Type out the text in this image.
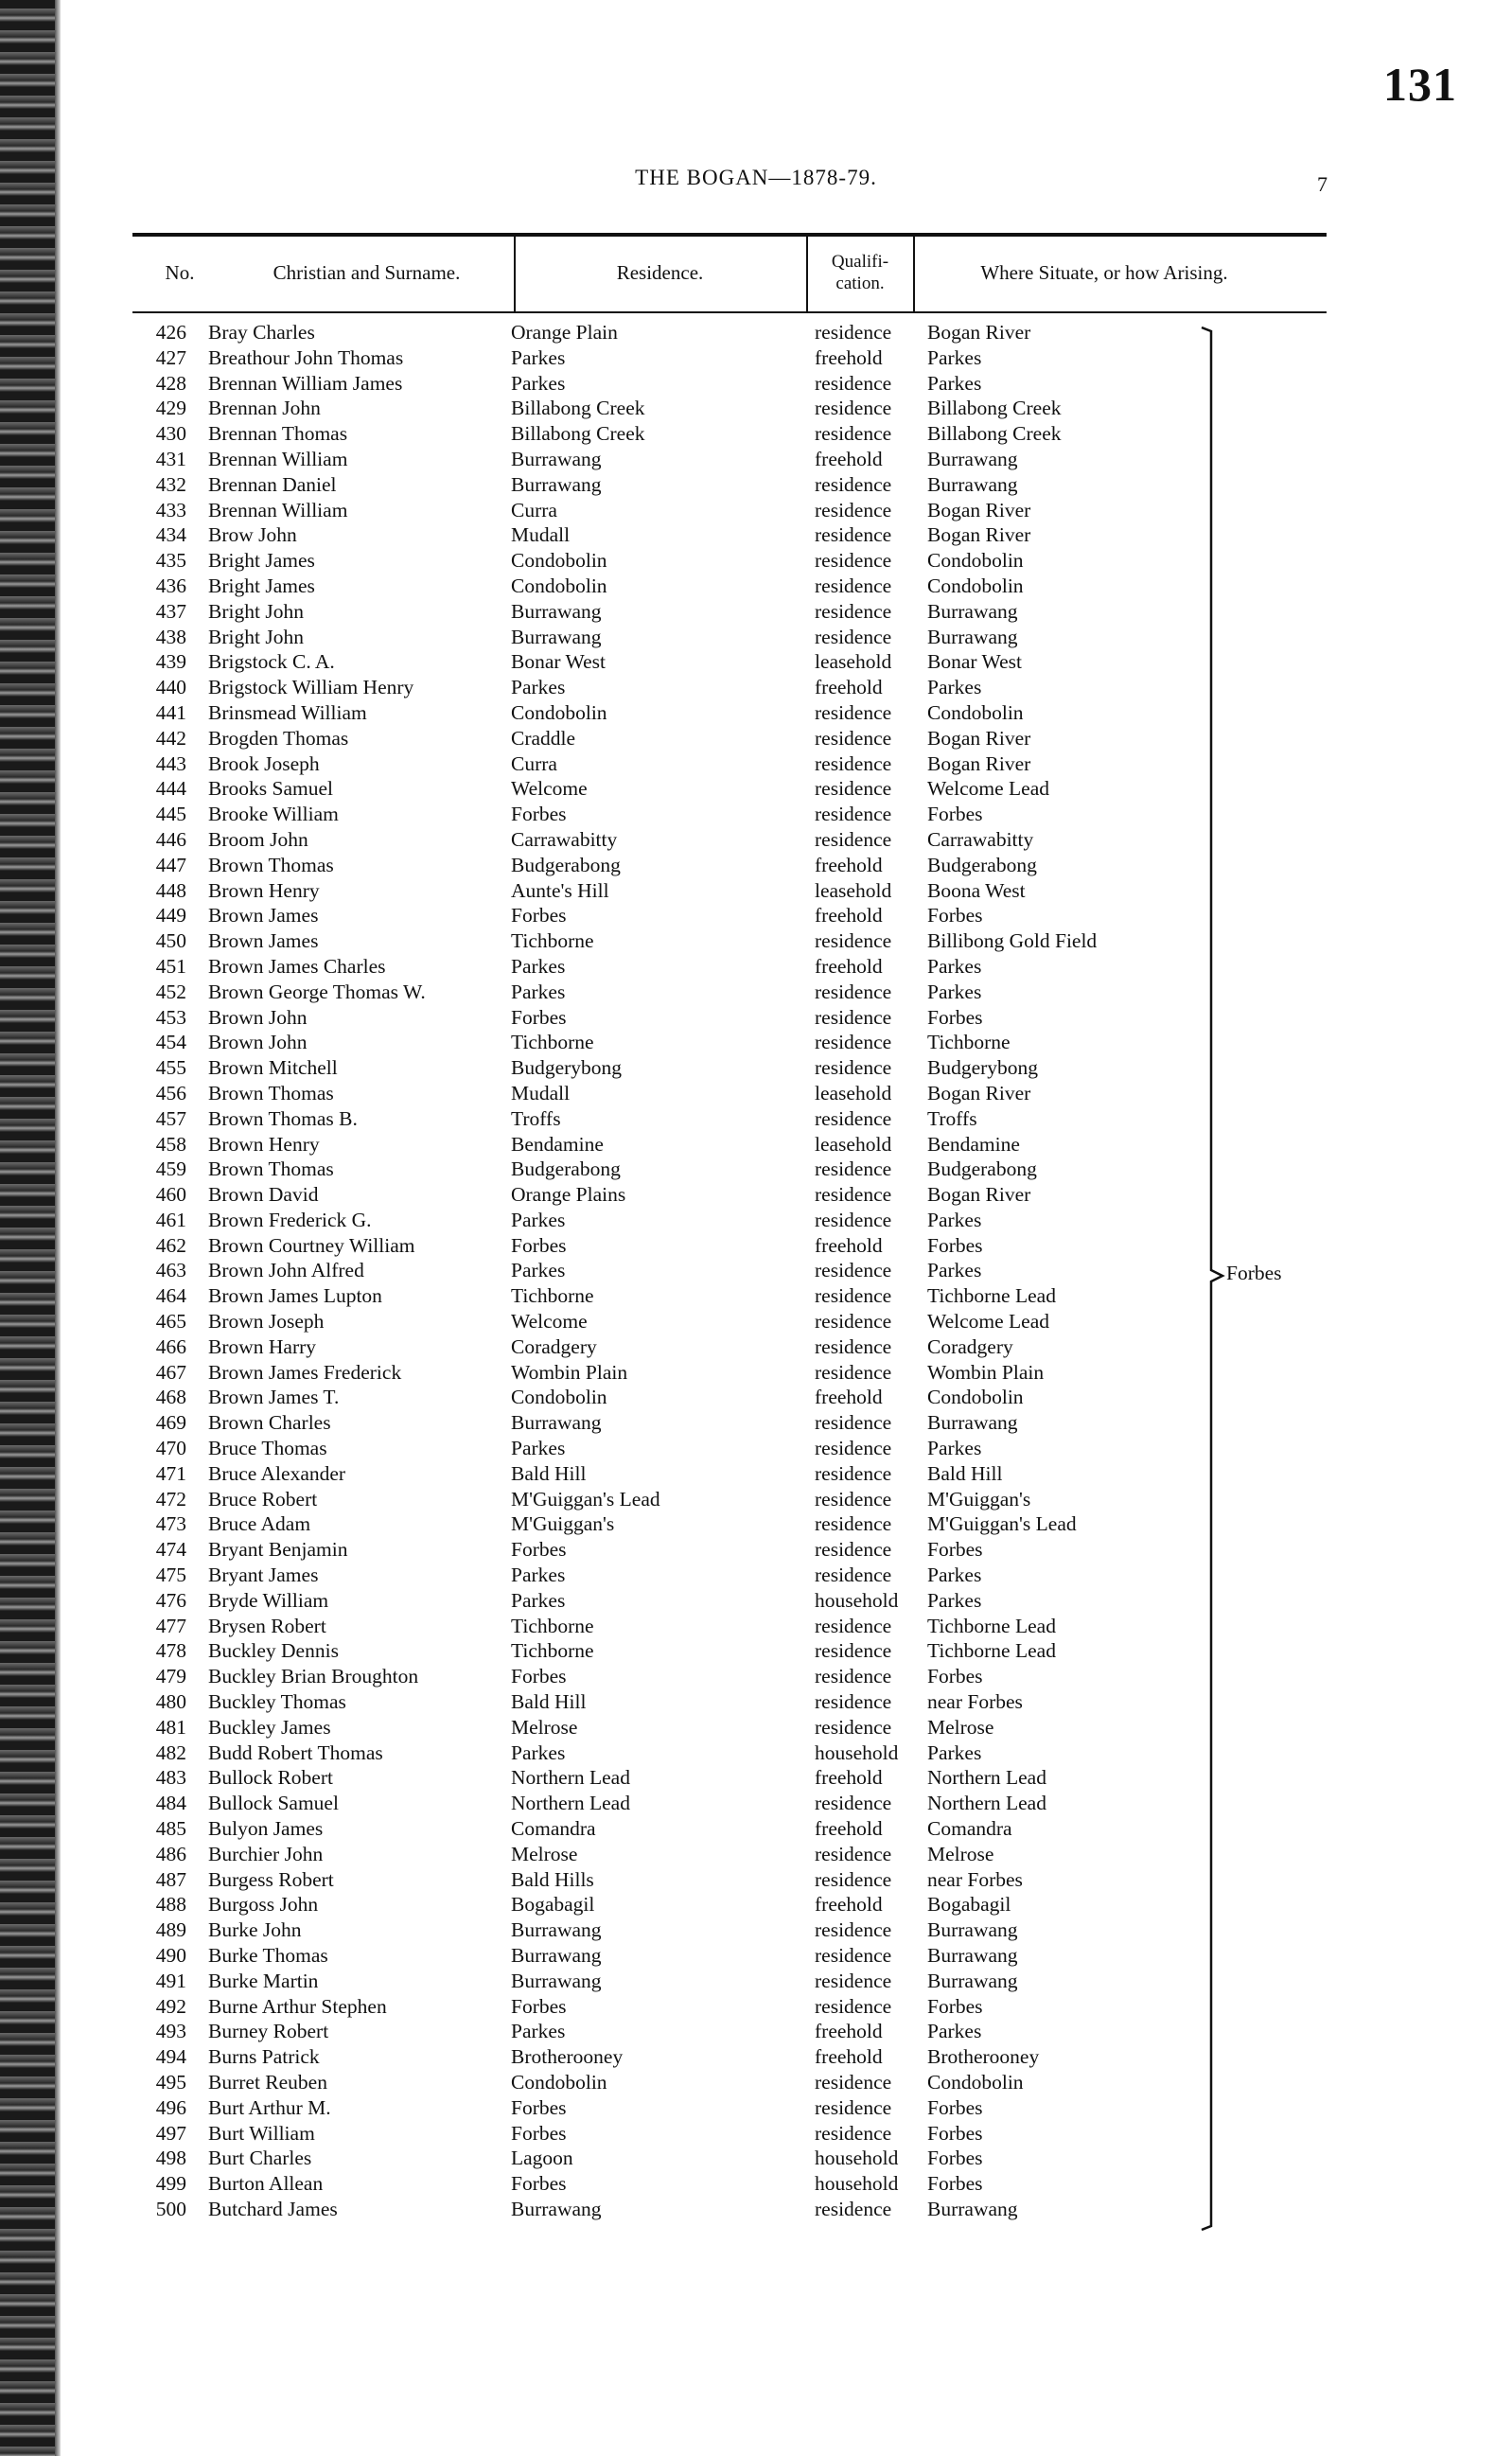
131
THE BOGAN—1878-79.	7
No.	Christian and Surname.	Residence.	Qualifi-
cation.	Where Situate, or how Arising.
426 Bray Charles	Orange Plain	residence Bogan River
427 Breathour John Thomas	Parkes	freehold Parkes
428 Brennan William James	Parkes	residence Parkes
429 Brennan John	Billabong Creek	residence Billabong Creek
430 Brennan Thomas	Billabong Creek	residence Billabong Creek
431 Brennan William	Burrawang	freehold Burrawang
432 Brennan Daniel	Burrawang	residence Burrawang
433 Brennan William	Curra	residence Bogan River
434 Brow John	Mudall	residence Bogan River
435 Bright James	Condobolin	residence Condobolin
436 Bright James	Condobolin	residence Condobolin
437 Bright John	Burrawang	residence Burrawang
438 Bright John	Burrawang	residence Burrawang
439 Brigstock C. A.	Bonar West	leasehold Bonar West
440 Brigstock William Henry	Parkes	freehold Parkes
441 Brinsmead William	Condobolin	residence Condobolin
442 Brogden Thomas	Craddle	residence Bogan River
443 Brook Joseph	Curra	residence Bogan River
444 Brooks Samuel	Welcome	residence Welcome Lead
445 Brooke William	Forbes	residence Forbes
446 Broom John	Carrawabitty	residence Carrawabitty
447 Brown Thomas	Budgerabong	freehold Budgerabong
448 Brown Henry	Aunte's Hill	leasehold Boona West
449 Brown James	Forbes	freehold Forbes
450 Brown James	Tichborne	residence Billibong Gold Field
451 Brown James Charles	Parkes	freehold Parkes
452 Brown George Thomas W.	Parkes	residence Parkes
453 Brown John	Forbes	residence Forbes
454 Brown John	Tichborne	residence Tichborne
455 Brown Mitchell	Budgerybong	residence Budgerybong
456 Brown Thomas	Mudall	leasehold Bogan River
457 Brown Thomas B.	Troffs	residence Troffs
458 Brown Henry	Bendamine	leasehold Bendamine
459 Brown Thomas	Budgerabong	residence Budgerabong
460 Brown David	Orange Plains	residence Bogan River
461 Brown Frederick G.	Parkes	residence Parkes
462 Brown Courtney William	Forbes	freehold Forbes
463 Brown John Alfred	Parkes	residence Parkes
464 Brown James Lupton	Tichborne	residence Tichborne Lead
465 Brown Joseph	Welcome	residence Welcome Lead
466 Brown Harry	Coradgery	residence Coradgery
467 Brown James Frederick	Wombin Plain	residence Wombin Plain
468 Brown James T.	Condobolin	freehold Condobolin
469 Brown Charles	Burrawang	residence Burrawang
470 Bruce Thomas	Parkes	residence Parkes
471 Bruce Alexander	Bald Hill	residence Bald Hill
472 Bruce Robert	M'Guiggan's Lead	residence M'Guiggan's
473 Bruce Adam	M'Guiggan's	residence M'Guiggan's Lead
474 Bryant Benjamin	Forbes	residence Forbes
475 Bryant James	Parkes	residence Parkes
476 Bryde William	Parkes	household Parkes
477 Brysen Robert	Tichborne	residence Tichborne Lead
478 Buckley Dennis	Tichborne	residence Tichborne Lead
479 Buckley Brian Broughton	Forbes	residence Forbes
480 Buckley Thomas	Bald Hill	residence near Forbes
481 Buckley James	Melrose	residence Melrose
482 Budd Robert Thomas	Parkes	household Parkes
483 Bullock Robert	Northern Lead	freehold Northern Lead
484 Bullock Samuel	Northern Lead	residence Northern Lead
485 Bulyon James	Comandra	freehold Comandra
486 Burchier John	Melrose	residence Melrose
487 Burgess Robert	Bald Hills	residence near Forbes
488 Burgoss John	Bogabagil	freehold Bogabagil
489 Burke John	Burrawang	residence Burrawang
490 Burke Thomas	Burrawang	residence Burrawang
491 Burke Martin	Burrawang	residence Burrawang
492 Burne Arthur Stephen	Forbes	residence Forbes
493 Burney Robert	Parkes	freehold Parkes
494 Burns Patrick	Brotherooney	freehold Brotherooney
495 Burret Reuben	Condobolin	residence Condobolin
496 Burt Arthur M.	Forbes	residence Forbes
497 Burt William	Forbes	residence Forbes
498 Burt Charles	Lagoon	household Forbes
499 Burton Allean	Forbes	household Forbes
500 Butchard James	Burrawang	residence Burrawang
Forbes
